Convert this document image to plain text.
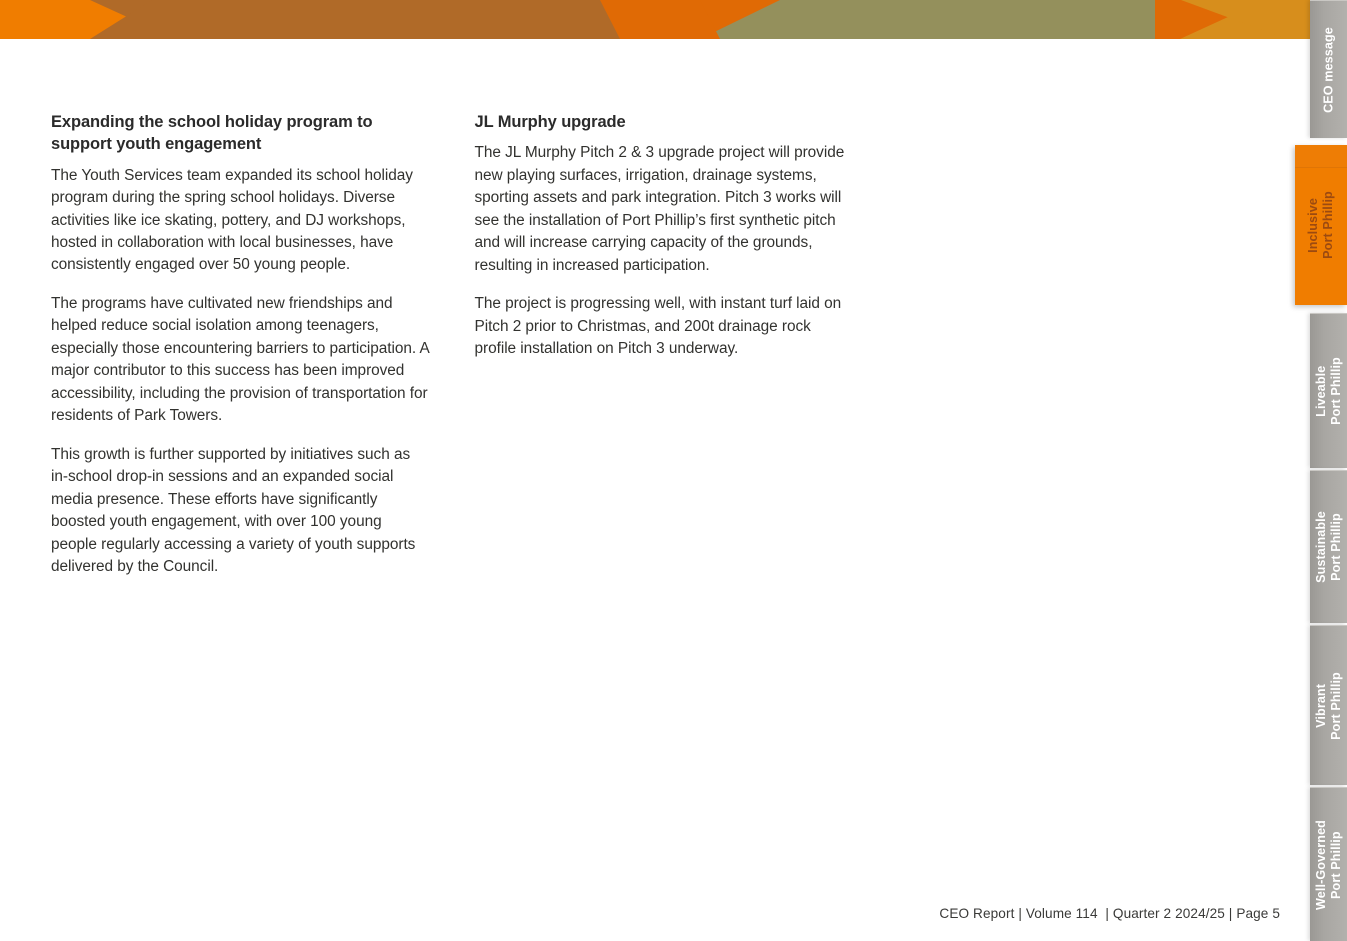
Expanding the school holiday program to support youth engagement

The Youth Services team expanded its school holiday program during the spring school holidays. Diverse activities like ice skating, pottery, and DJ workshops, hosted in collaboration with local businesses, have consistently engaged over 50 young people.

The programs have cultivated new friendships and helped reduce social isolation among teenagers, especially those encountering barriers to participation. A major contributor to this success has been improved accessibility, including the provision of transportation for residents of Park Towers.

This growth is further supported by initiatives such as in-school drop-in sessions and an expanded social media presence. These efforts have significantly boosted youth engagement, with over 100 young people regularly accessing a variety of youth supports delivered by the Council.

JL Murphy upgrade

The JL Murphy Pitch 2 & 3 upgrade project will provide new playing surfaces, irrigation, drainage systems, sporting assets and park integration. Pitch 3 works will see the installation of Port Phillip’s first synthetic pitch and will increase carrying capacity of the grounds, resulting in increased participation.

The project is progressing well, with instant turf laid on Pitch 2 prior to Christmas, and 200t drainage rock profile installation on Pitch 3 underway.

CEO Report | Volume 114  | Quarter 2 2024/25 | Page 5
CEO message
Inclusive Port Phillip
Liveable Port Phillip
Sustainable Port Phillip
Vibrant Port Phillip
Well-Governed Port Phillip
